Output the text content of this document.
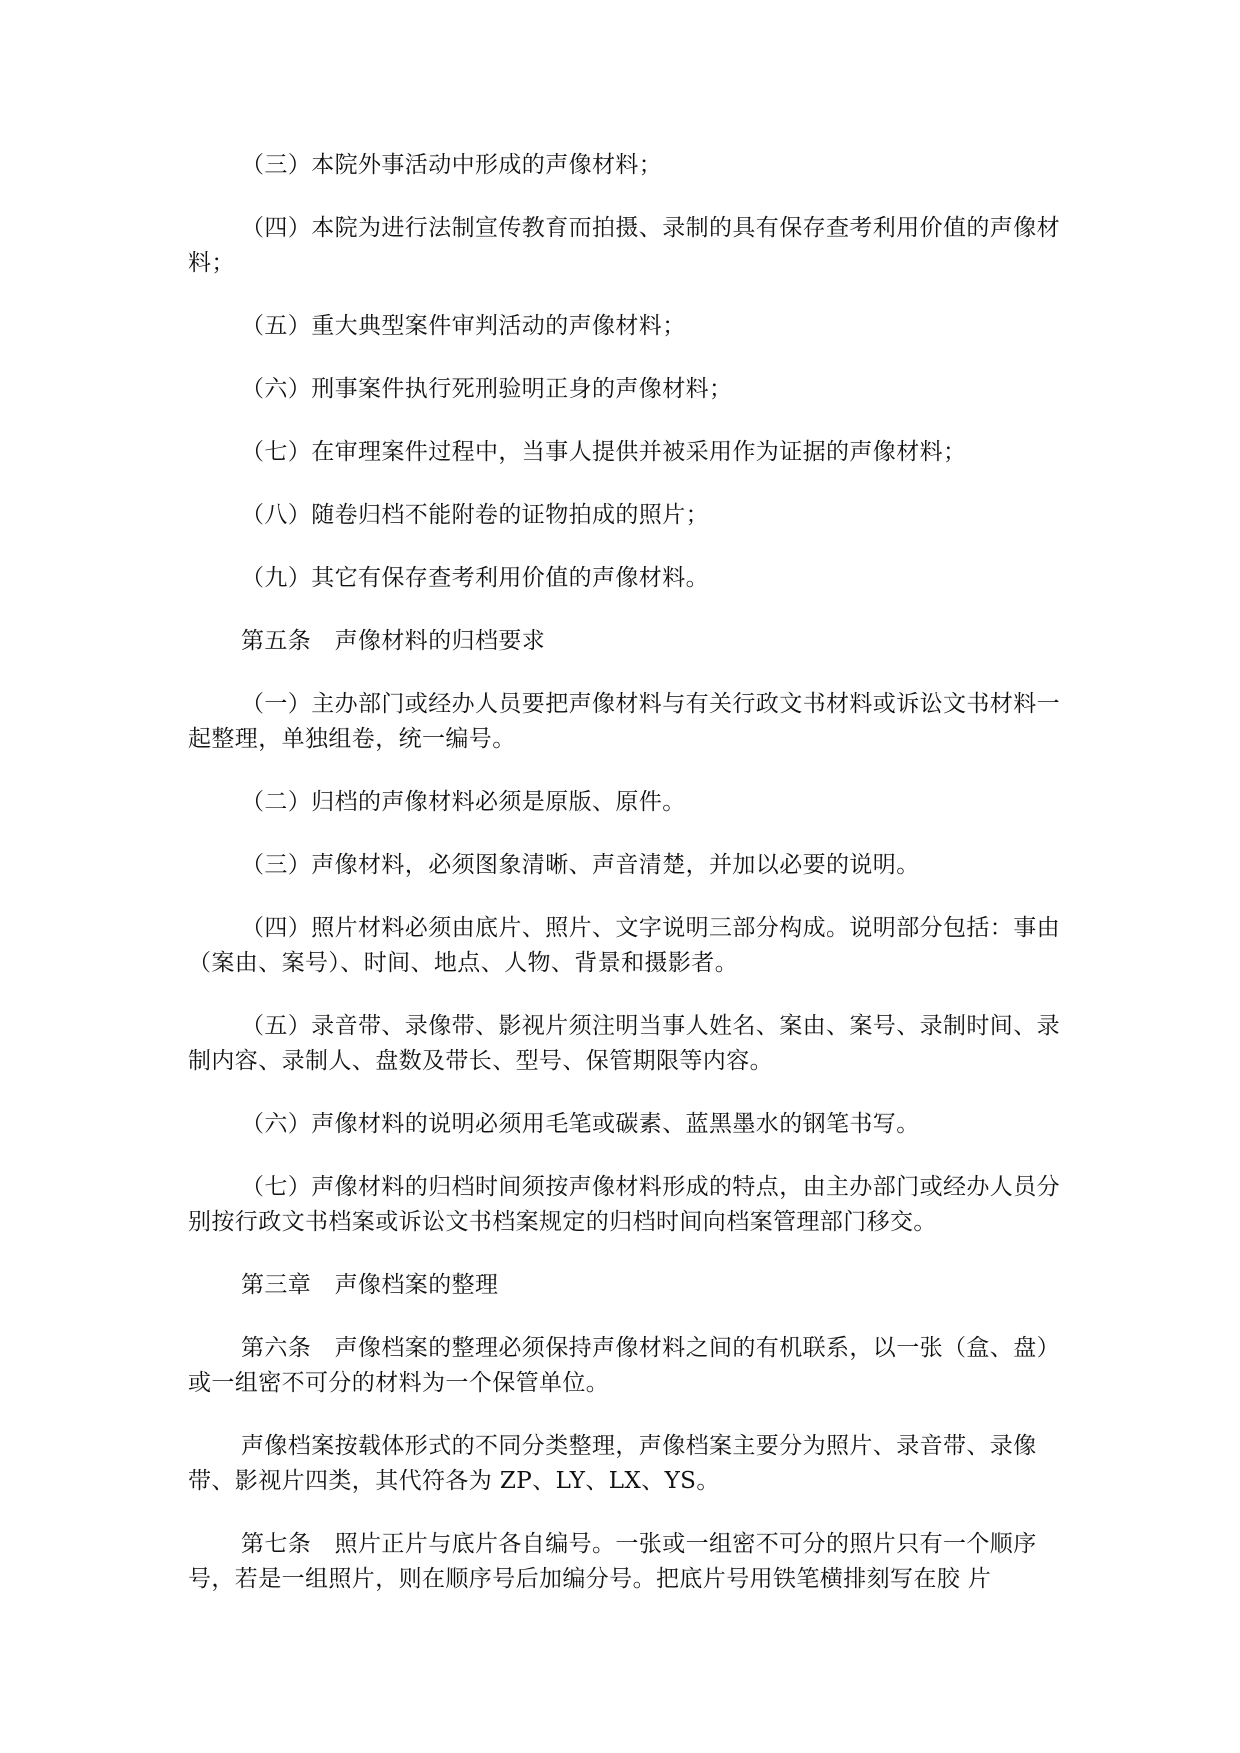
（三）本院外事活动中形成的声像材料；

（四）本院为进行法制宣传教育而拍摄、录制的具有保存查考利用价值的声像材料；

（五）重大典型案件审判活动的声像材料；

（六）刑事案件执行死刑验明正身的声像材料；

（七）在审理案件过程中，当事人提供并被采用作为证据的声像材料；

（八）随卷归档不能附卷的证物拍成的照片；

（九）其它有保存查考利用价值的声像材料。

第五条　声像材料的归档要求

（一）主办部门或经办人员要把声像材料与有关行政文书材料或诉讼文书材料一起整理，单独组卷，统一编号。

（二）归档的声像材料必须是原版、原件。

（三）声像材料，必须图象清晰、声音清楚，并加以必要的说明。

（四）照片材料必须由底片、照片、文字说明三部分构成。说明部分包括：事由（案由、案号）、时间、地点、人物、背景和摄影者。

（五）录音带、录像带、影视片须注明当事人姓名、案由、案号、录制时间、录制内容、录制人、盘数及带长、型号、保管期限等内容。

（六）声像材料的说明必须用毛笔或碳素、蓝黑墨水的钢笔书写。

（七）声像材料的归档时间须按声像材料形成的特点，由主办部门或经办人员分别按行政文书档案或诉讼文书档案规定的归档时间向档案管理部门移交。

第三章　声像档案的整理

第六条　声像档案的整理必须保持声像材料之间的有机联系，以一张（盒、盘）或一组密不可分的材料为一个保管单位。

声像档案按载体形式的不同分类整理，声像档案主要分为照片、录音带、录像带、影视片四类，其代符各为 ZP、LY、LX、YS。

第七条　照片正片与底片各自编号。一张或一组密不可分的照片只有一个顺序号，若是一组照片，则在顺序号后加编分号。把底片号用铁笔横排刻写在胶 片
